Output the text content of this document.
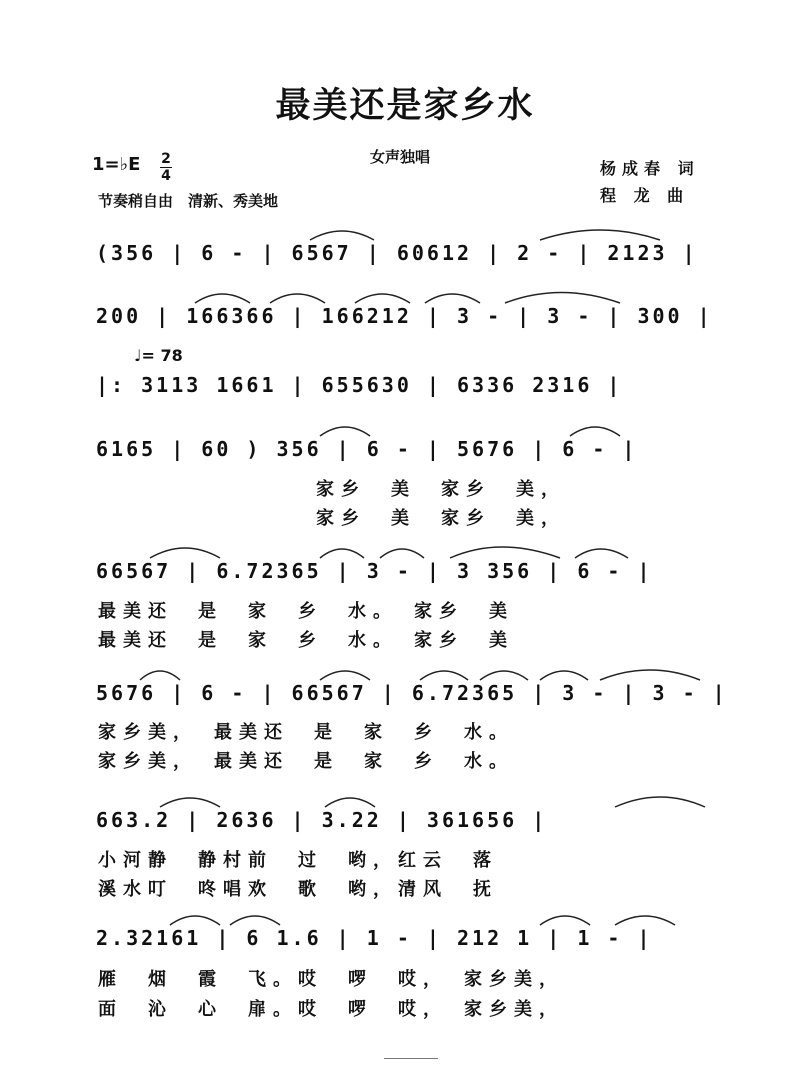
最美还是家乡水
女声独唱
杨成春 词
程 龙 曲
1=♭E 2
4
节奏稍自由　清新、秀美地
♩= 78
(356 | 6 - | 6567 | 60612 | 2 - | 2123 |
200 | 166366 | 166212 | 3 - | 3 - | 300 |
|: 3113 1661 | 655630 | 6336 2316 |
6165 | 60 ) 356 | 6 - | 5676 | 6 - |
家乡　美　家乡　美，
家乡　美　家乡　美，
66567 | 6.72365 | 3 - | 3 356 | 6 - |
最美还　是　家　乡　水。　家乡　美
最美还　是　家　乡　水。　家乡　美
5676 | 6 - | 66567 | 6.72365 | 3 - | 3 - |
家乡美，　最美还　是　家　乡　水。
家乡美，　最美还　是　家　乡　水。
663.2 | 2636 | 3.22 | 361656 |
小河静　静村前　过　哟，红云　落
溪水叮　咚唱欢　歌　哟，清风　抚
2.32161 | 6 1.6 | 1 - | 212 1 | 1 - |
雁　烟　霞　飞。哎　啰　哎，　家乡美，
面　沁　心　扉。哎　啰　哎，　家乡美，
